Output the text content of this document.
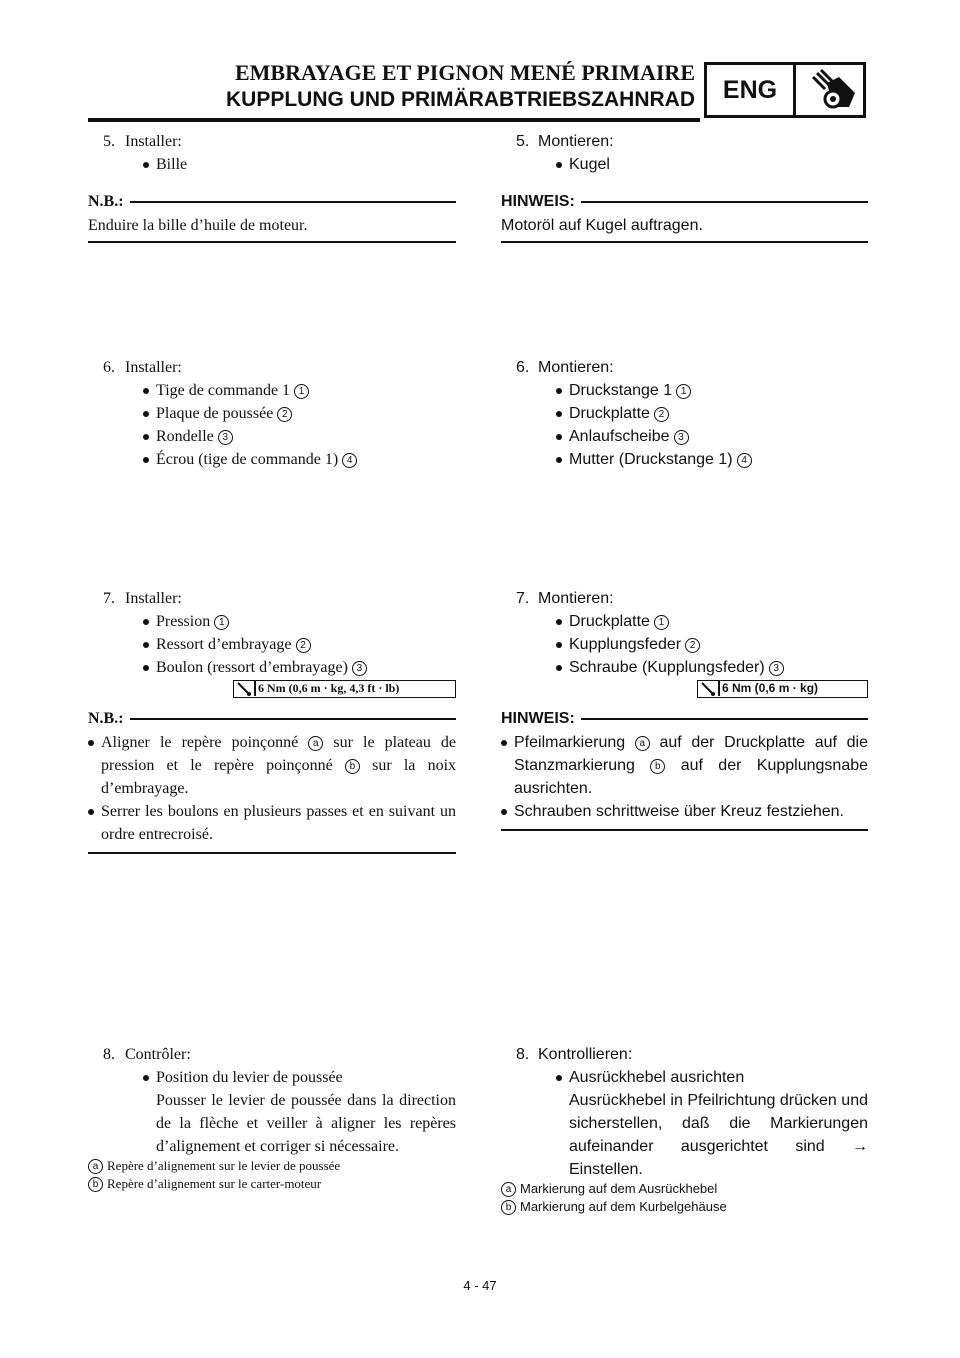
EMBRAYAGE ET PIGNON MENÉ PRIMAIRE
KUPPLUNG UND PRIMÄRABTRIEBSZAHNRAD	ENG
5. Installer:
Bille
N.B.:
Enduire la bille d’huile de moteur.
6. Installer:
Tige de commande 1 1
Plaque de poussée 2
Rondelle 3
Écrou (tige de commande 1) 4
7. Installer:
Pression 1
Ressort d’embrayage 2
Boulon (ressort d’embrayage) 3
6 Nm (0,6 m · kg, 4,3 ft · lb)
N.B.:
Aligner le repère poinçonné a sur le plateau de pression et le repère poinçonné b sur la noix d’embrayage.
Serrer les boulons en plusieurs passes et en suivant un ordre entrecroisé.
8. Contrôler:
Position du levier de poussée
Pousser le levier de poussée dans la direction de la flèche et veiller à aligner les repères d’alignement et corriger si nécessaire.
a Repère d’alignement sur le levier de poussée
b Repère d’alignement sur le carter-moteur
5. Montieren:
Kugel
HINWEIS:
Motoröl auf Kugel auftragen.
6. Montieren:
Druckstange 1 1
Druckplatte 2
Anlaufscheibe 3
Mutter (Druckstange 1) 4
7. Montieren:
Druckplatte 1
Kupplungsfeder 2
Schraube (Kupplungsfeder) 3
6 Nm (0,6 m · kg)
HINWEIS:
Pfeilmarkierung a auf der Druckplatte auf die Stanzmarkierung b auf der Kupplungsnabe ausrichten.
Schrauben schrittweise über Kreuz festziehen.
8. Kontrollieren:
Ausrückhebel ausrichten
Ausrückhebel in Pfeilrichtung drücken und sicherstellen, daß die Markierungen aufeinander ausgerichtet sind → Einstellen.
a Markierung auf dem Ausrückhebel
b Markierung auf dem Kurbelgehäuse
4 - 47
